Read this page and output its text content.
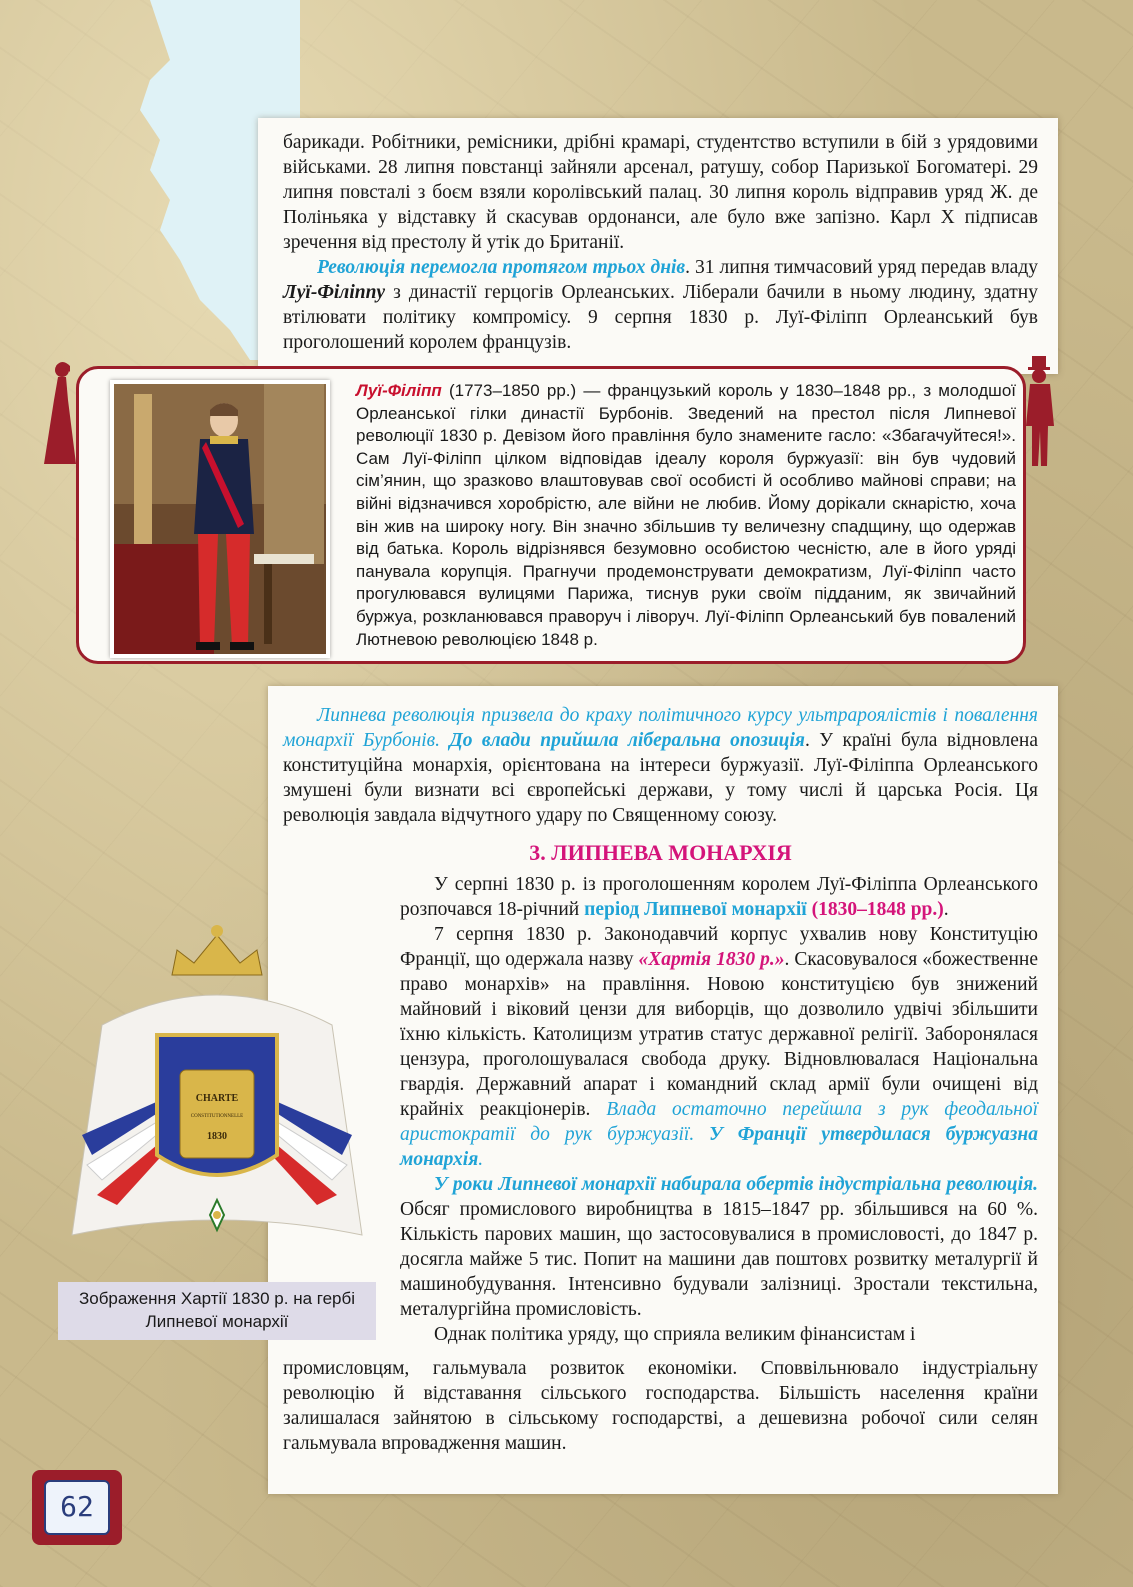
барикади. Робітники, ремісники, дрібні крамарі, студентство вступили в бій з урядовими військами. 28 липня повстанці зайняли арсенал, ратушу, собор Паризької Богоматері. 29 липня повсталі з боєм взяли королівський палац. 30 липня король відправив уряд Ж. де Поліньяка у відставку й скасував ордонанси, але було вже запізно. Карл Х підписав зречення від престолу й утік до Британії.

Революція перемогла протягом трьох днів. 31 липня тимчасовий уряд передав владу Луї-Філіппу з династії герцогів Орлеанських. Ліберали бачили в ньому людину, здатну втілювати політику компромісу. 9 серпня 1830 р. Луї-Філіпп Орлеанський був проголошений королем французів.

Луї-Філіпп (1773–1850 рр.) — французький король у 1830–1848 рр., з молодшої Орлеанської гілки династії Бурбонів. Зведений на престол після Липневої революції 1830 р. Девізом його правління було знамените гасло: «Збагачуйтеся!». Сам Луї-Філіпп цілком відповідав ідеалу короля буржуазії: він був чудовий сім’янин, що зразково влаштовував свої особисті й особливо майнові справи; на війні відзначився хоробрістю, але війни не любив. Йому дорікали скнарістю, хоча він жив на широку ногу. Він значно збільшив ту величезну спадщину, що одержав від батька. Король відрізнявся безумовно особистою чесністю, але в його уряді панувала корупція. Прагнучи продемонструвати демократизм, Луї-Філіпп часто прогулювався вулицями Парижа, тиснув руки своїм підданим, як звичайний буржуа, розкланювався праворуч і ліворуч. Луї-Філіпп Орлеанський був повалений Лютневою революцією 1848 р.

Липнева революція призвела до краху політичного курсу ультрароялістів і повалення монархії Бурбонів. До влади прийшла ліберальна опозиція. У країні була відновлена конституційна монархія, орієнтована на інтереси буржуазії. Луї-Філіппа Орлеанського змушені були визнати всі європейські держави, у тому числі й царська Росія. Ця революція завдала відчутного удару по Священному союзу.

3. ЛИПНЕВА МОНАРХІЯ

У серпні 1830 р. із проголошенням королем Луї-Філіппа Орлеанського розпочався 18-річний період Липневої монархії (1830–1848 рр.).

7 серпня 1830 р. Законодавчий корпус ухвалив нову Конституцію Франції, що одержала назву «Хартія 1830 р.». Скасовувалося «божественне право монархів» на правління. Новою конституцією був знижений майновий і віковий цензи для виборців, що дозволило удвічі збільшити їхню кількість. Католицизм утратив статус державної релігії. Заборонялася цензура, проголошувалася свобода друку. Відновлювалася Національна гвардія. Державний апарат і командний склад армії були очищені від крайніх реакціонерів. Влада остаточно перейшла з рук феодальної аристократії до рук буржуазії. У Франції утвердилася буржуазна монархія.

У роки Липневої монархії набирала обертів індустріальна революція. Обсяг промислового виробництва в 1815–1847 рр. збільшився на 60 %. Кількість парових машин, що застосовувалися в промисловості, до 1847 р. досягла майже 5 тис. Попит на машини дав поштовх розвитку металургії й машинобудування. Інтенсивно будували залізниці. Зростали текстильна, металургійна промисловість.

Однак політика уряду, що сприяла великим фінансистам і

промисловцям, гальмувала розвиток економіки. Споввільнювало індустріальну революцію й відставання сільського господарства. Більшість населення країни залишалася зайнятою в сільському господарстві, а дешевизна робочої сили селян гальмувала впровадження машин.

CHARTE
CONSTITUTIONNELLE
1830
Зображення Хартії 1830 р. на гербі
Липневої монархії
62
